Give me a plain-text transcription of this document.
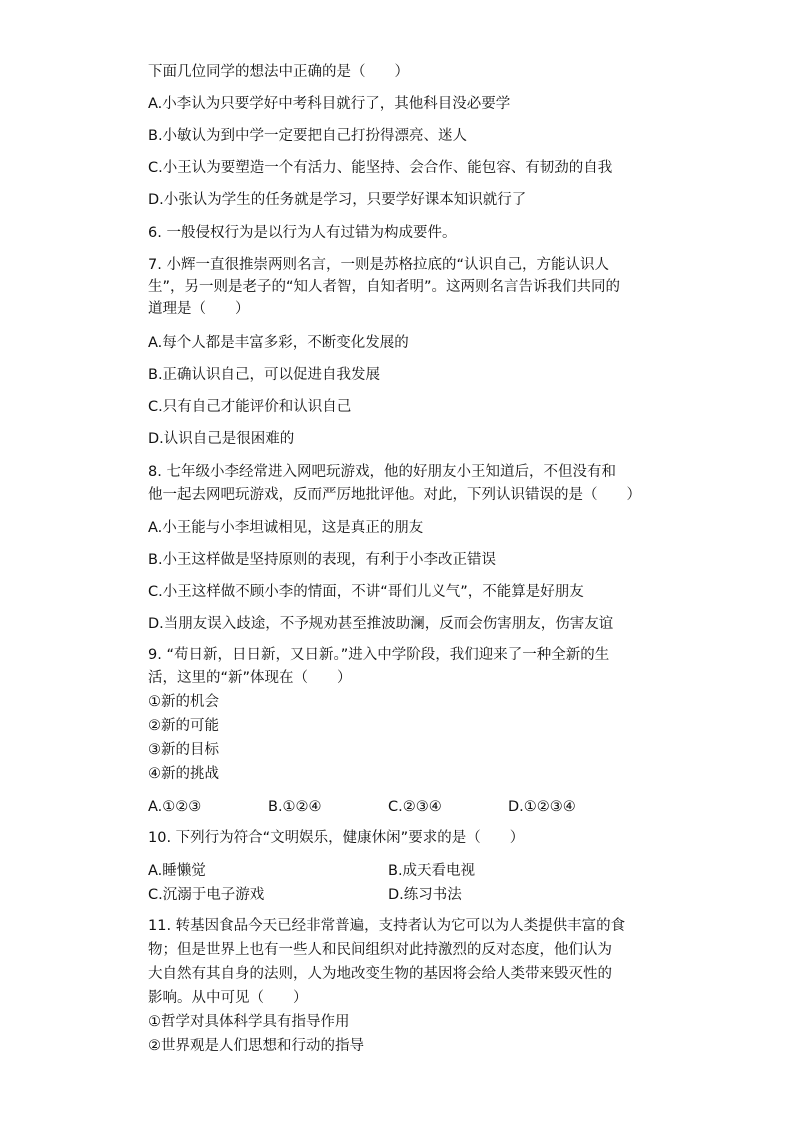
下面几位同学的想法中正确的是（　　）
A.小李认为只要学好中考科目就行了，其他科目没必要学
B.小敏认为到中学一定要把自己打扮得漂亮、迷人
C.小王认为要塑造一个有活力、能坚持、会合作、能包容、有韧劲的自我
D.小张认为学生的任务就是学习，只要学好课本知识就行了
6. 一般侵权行为是以行为人有过错为构成要件。
7. 小辉一直很推崇两则名言，一则是苏格拉底的“认识自己，方能认识人
生”，另一则是老子的“知人者智，自知者明”。这两则名言告诉我们共同的
道理是（　　）
A.每个人都是丰富多彩，不断变化发展的
B.正确认识自己，可以促进自我发展
C.只有自己才能评价和认识自己
D.认识自己是很困难的
8. 七年级小李经常进入网吧玩游戏，他的好朋友小王知道后，不但没有和
他一起去网吧玩游戏，反而严厉地批评他。对此，下列认识错误的是（　　）
A.小王能与小李坦诚相见，这是真正的朋友
B.小王这样做是坚持原则的表现，有利于小李改正错误
C.小王这样做不顾小李的情面，不讲“哥们儿义气”，不能算是好朋友
D.当朋友误入歧途，不予规劝甚至推波助澜，反而会伤害朋友，伤害友谊
9. “苟日新，日日新，又日新。”进入中学阶段，我们迎来了一种全新的生
活，这里的“新”体现在（　　）
①新的机会
②新的可能
③新的目标
④新的挑战
A.①②③	B.①②④	C.②③④	D.①②③④
10. 下列行为符合“文明娱乐，健康休闲”要求的是（　　）
A.睡懒觉	B.成天看电视
C.沉溺于电子游戏	D.练习书法
11. 转基因食品今天已经非常普遍，支持者认为它可以为人类提供丰富的食
物；但是世界上也有一些人和民间组织对此持激烈的反对态度，他们认为
大自然有其自身的法则，人为地改变生物的基因将会给人类带来毁灭性的
影响。从中可见（　　）
①哲学对具体科学具有指导作用
②世界观是人们思想和行动的指导
